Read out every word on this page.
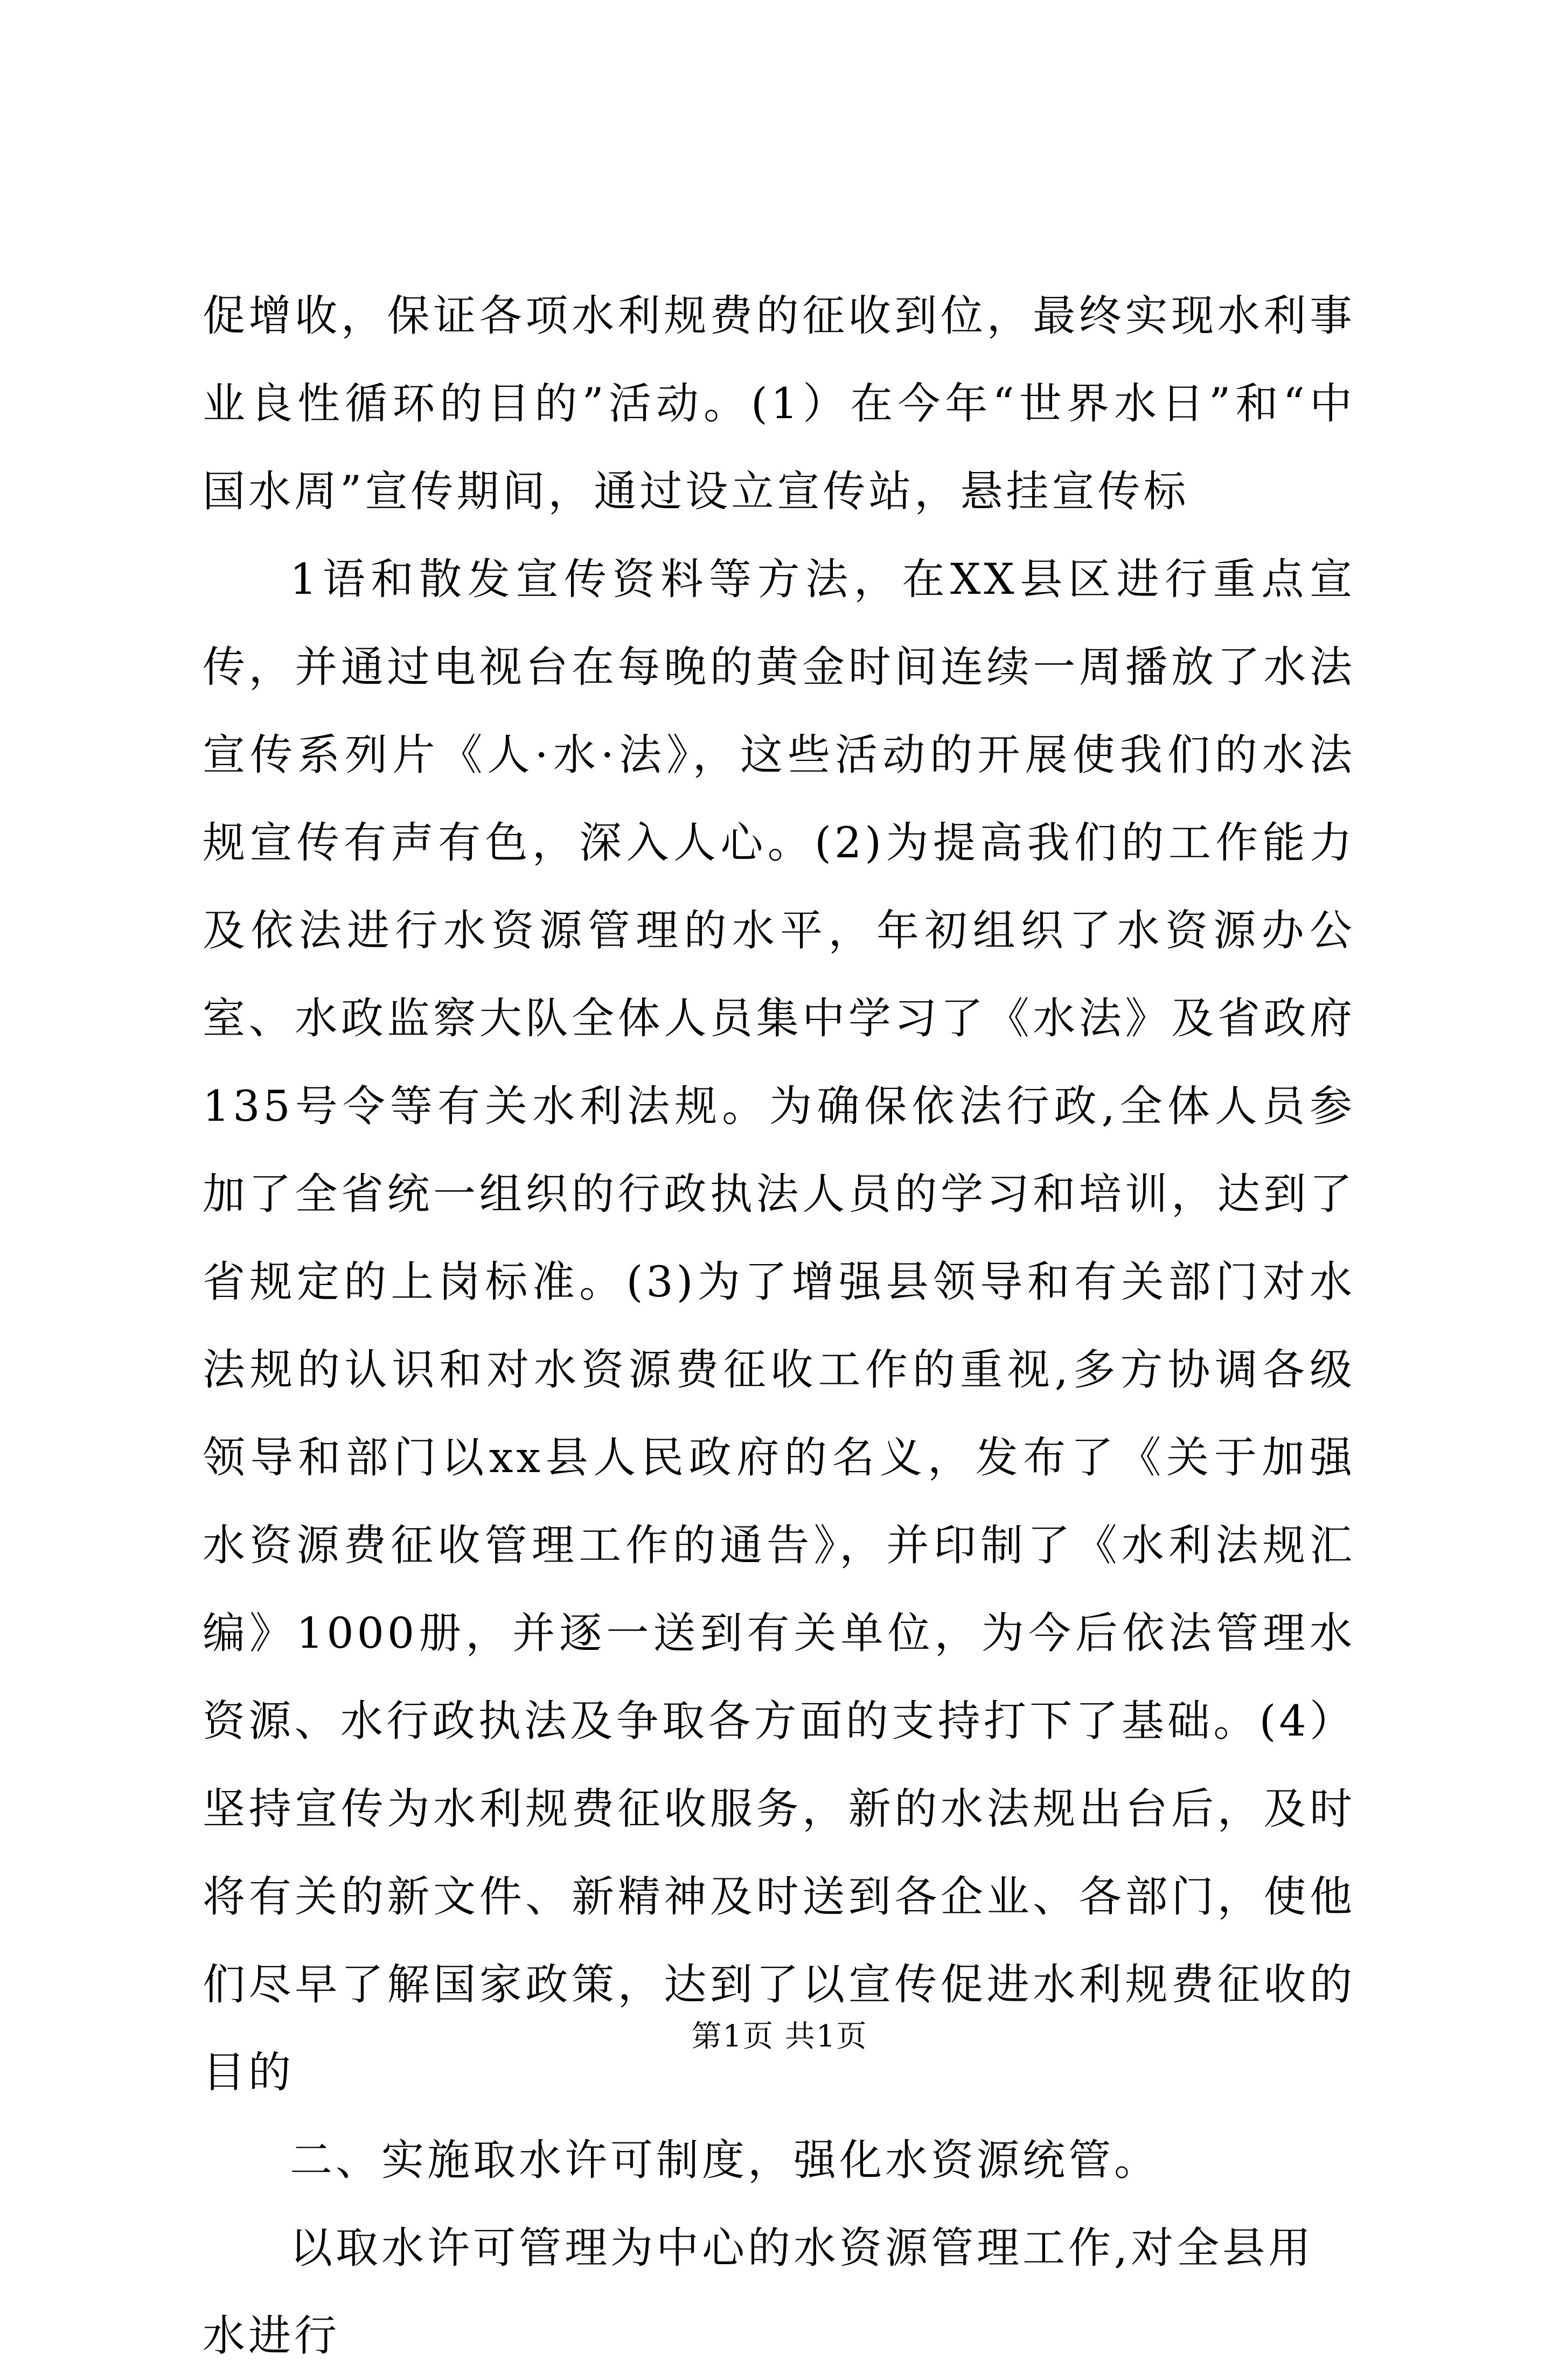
促增收，保证各项水利规费的征收到位，最终实现水利事业良性循环的目的”活动。(1）在今年“世界水日”和“中国水周”宣传期间，通过设立宣传站，悬挂宣传标

1语和散发宣传资料等方法，在XX县区进行重点宣传，并通过电视台在每晚的黄金时间连续一周播放了水法宣传系列片《人·水·法》，这些活动的开展使我们的水法规宣传有声有色，深入人心。(2)为提高我们的工作能力及依法进行水资源管理的水平，年初组织了水资源办公室、水政监察大队全体人员集中学习了《水法》及省政府135号令等有关水利法规。为确保依法行政,全体人员参加了全省统一组织的行政执法人员的学习和培训，达到了省规定的上岗标准。(3)为了增强县领导和有关部门对水法规的认识和对水资源费征收工作的重视,多方协调各级领导和部门以xx县人民政府的名义，发布了《关于加强水资源费征收管理工作的通告》，并印制了《水利法规汇编》1000册，并逐一送到有关单位，为今后依法管理水资源、水行政执法及争取各方面的支持打下了基础。(4）坚持宣传为水利规费征收服务，新的水法规出台后，及时将有关的新文件、新精神及时送到各企业、各部门，使他们尽早了解国家政策，达到了以宣传促进水利规费征收的目的

二、实施取水许可制度，强化水资源统管。

以取水许可管理为中心的水资源管理工作,对全县用水进行

第1页 共1页
